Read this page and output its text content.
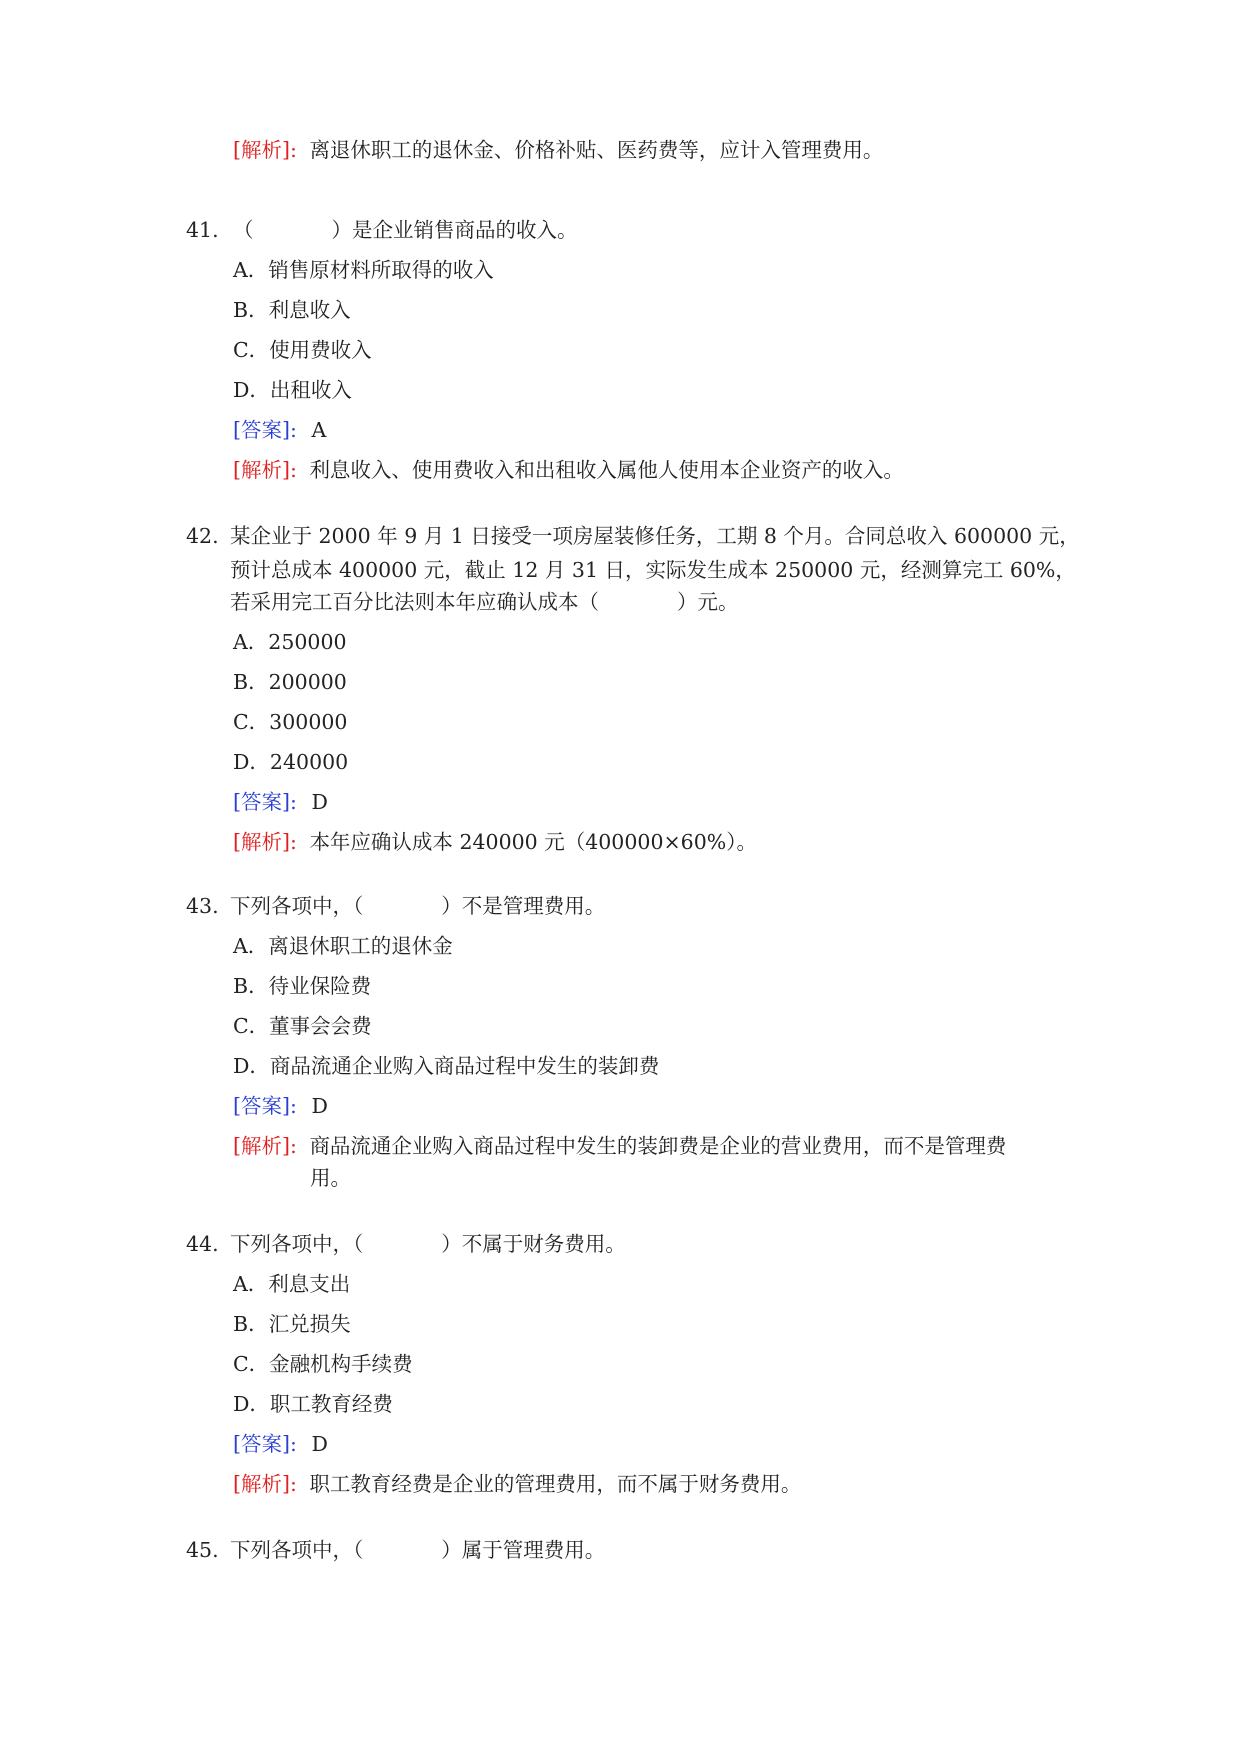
[解析]: 离退休职工的退休金、价格补贴、医药费等，应计入管理费用。
41. （	）是企业销售商品的收入。
A．销售原材料所取得的收入
B．利息收入
C．使用费收入
D．出租收入
[答案]: A
[解析]: 利息收入、使用费收入和出租收入属他人使用本企业资产的收入。
42. 某企业于 2000 年 9 月 1 日接受一项房屋装修任务，工期 8 个月。合同总收入 600000 元，
预计总成本 400000 元，截止 12 月 31 日，实际发生成本 250000 元，经测算完工 60%，
若采用完工百分比法则本年应确认成本（	）元。
A．250000
B．200000
C．300000
D．240000
[答案]: D
[解析]: 本年应确认成本 240000 元（400000×60%）。
43. 下列各项中，（	）不是管理费用。
A．离退休职工的退休金
B．待业保险费
C．董事会会费
D．商品流通企业购入商品过程中发生的装卸费
[答案]: D
[解析]: 商品流通企业购入商品过程中发生的装卸费是企业的营业费用，而不是管理费
用。
44. 下列各项中，（	）不属于财务费用。
A．利息支出
B．汇兑损失
C．金融机构手续费
D．职工教育经费
[答案]: D
[解析]: 职工教育经费是企业的管理费用，而不属于财务费用。
45. 下列各项中，（	）属于管理费用。
